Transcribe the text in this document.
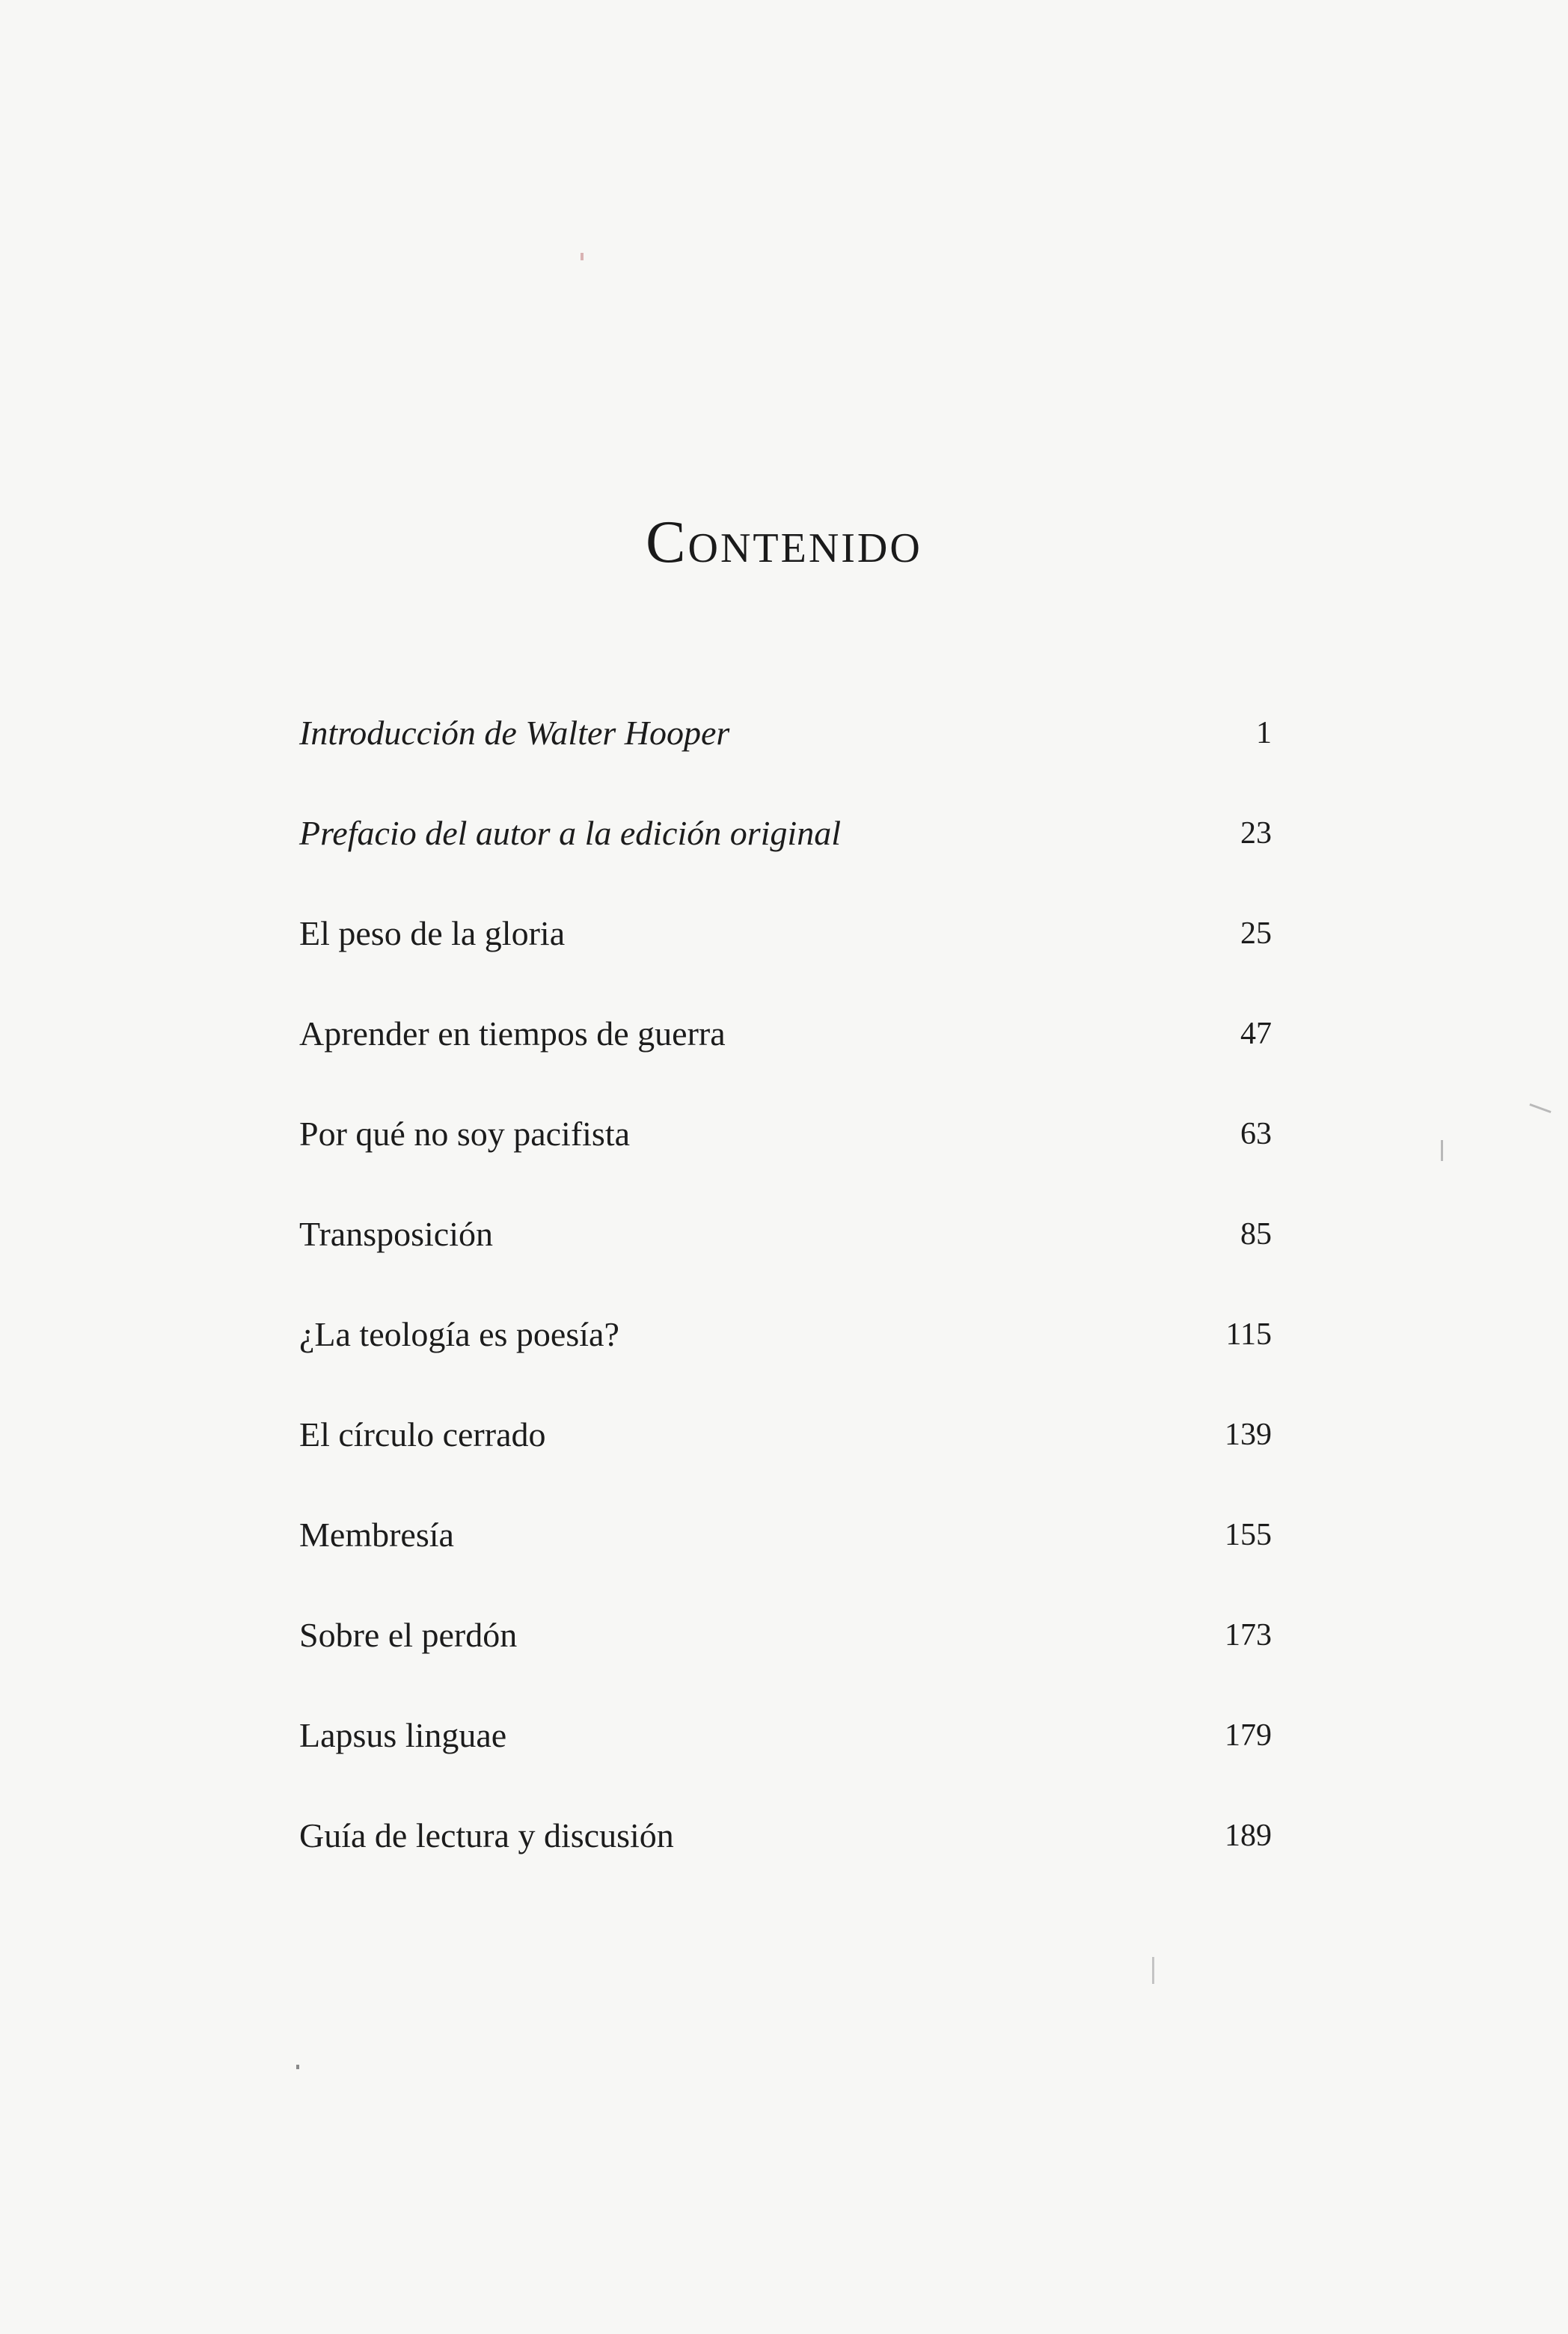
Contenido
Introducción de Walter Hooper	1
Prefacio del autor a la edición original	23
El peso de la gloria	25
Aprender en tiempos de guerra	47
Por qué no soy pacifista	63
Transposición	85
¿La teología es poesía?	115
El círculo cerrado	139
Membresía	155
Sobre el perdón	173
Lapsus linguae	179
Guía de lectura y discusión	189
